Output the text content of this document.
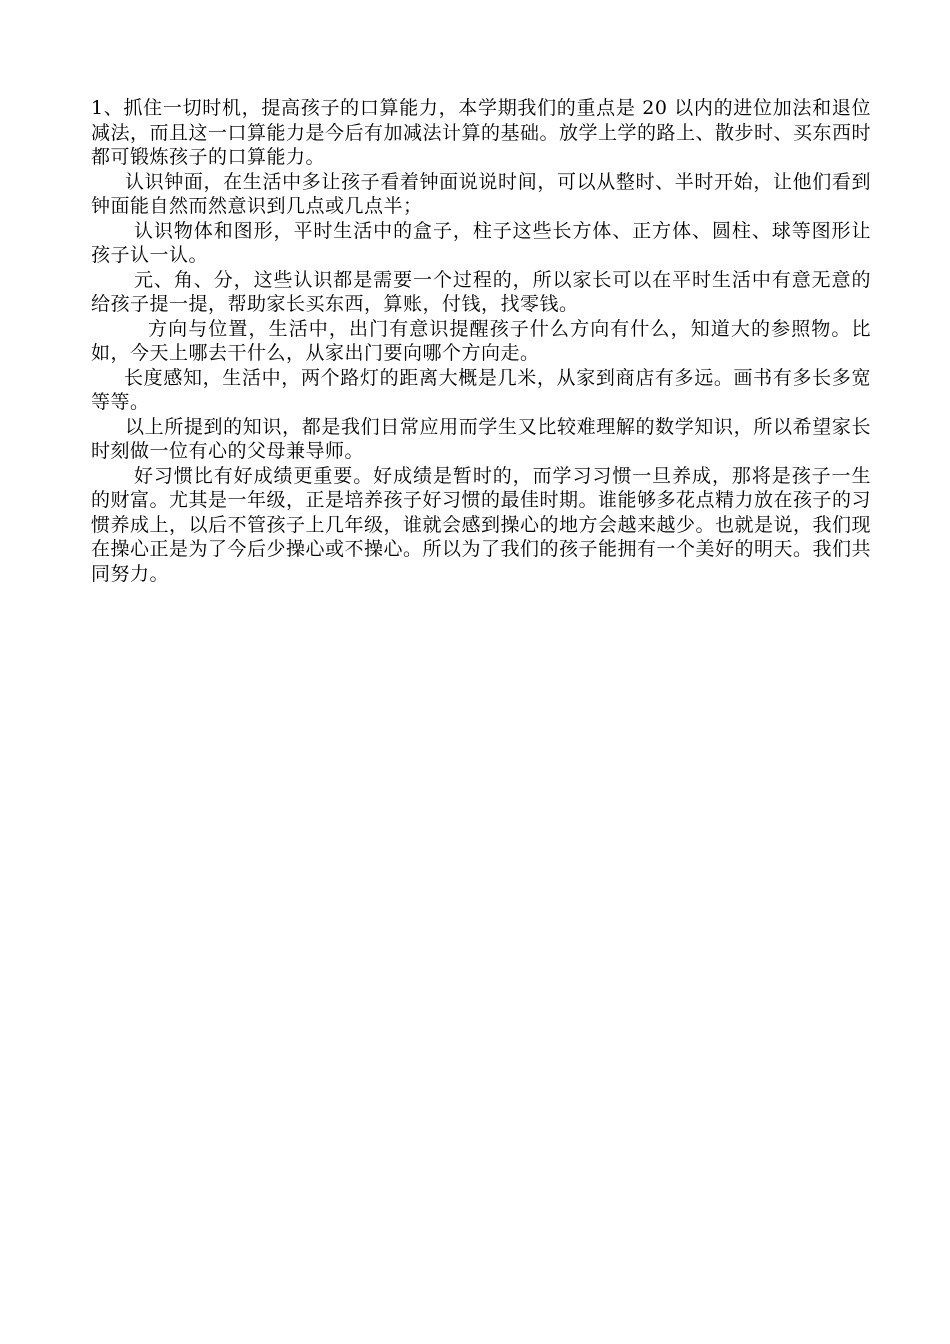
1、抓住一切时机，提高孩子的口算能力，本学期我们的重点是 20 以内的进位加法和退位减法，而且这一口算能力是今后有加减法计算的基础。放学上学的路上、散步时、买东西时都可锻炼孩子的口算能力。

认识钟面，在生活中多让孩子看着钟面说说时间，可以从整时、半时开始，让他们看到钟面能自然而然意识到几点或几点半；

认识物体和图形，平时生活中的盒子，柱子这些长方体、正方体、圆柱、球等图形让孩子认一认。

元、角、分，这些认识都是需要一个过程的，所以家长可以在平时生活中有意无意的给孩子提一提，帮助家长买东西，算账，付钱，找零钱。

方向与位置，生活中，出门有意识提醒孩子什么方向有什么，知道大的参照物。比如，今天上哪去干什么，从家出门要向哪个方向走。

长度感知，生活中，两个路灯的距离大概是几米，从家到商店有多远。画书有多长多宽等等。

以上所提到的知识，都是我们日常应用而学生又比较难理解的数学知识，所以希望家长时刻做一位有心的父母兼导师。

好习惯比有好成绩更重要。好成绩是暂时的，而学习习惯一旦养成，那将是孩子一生的财富。尤其是一年级，正是培养孩子好习惯的最佳时期。谁能够多花点精力放在孩子的习惯养成上，以后不管孩子上几年级，谁就会感到操心的地方会越来越少。也就是说，我们现在操心正是为了今后少操心或不操心。所以为了我们的孩子能拥有一个美好的明天。我们共同努力。
